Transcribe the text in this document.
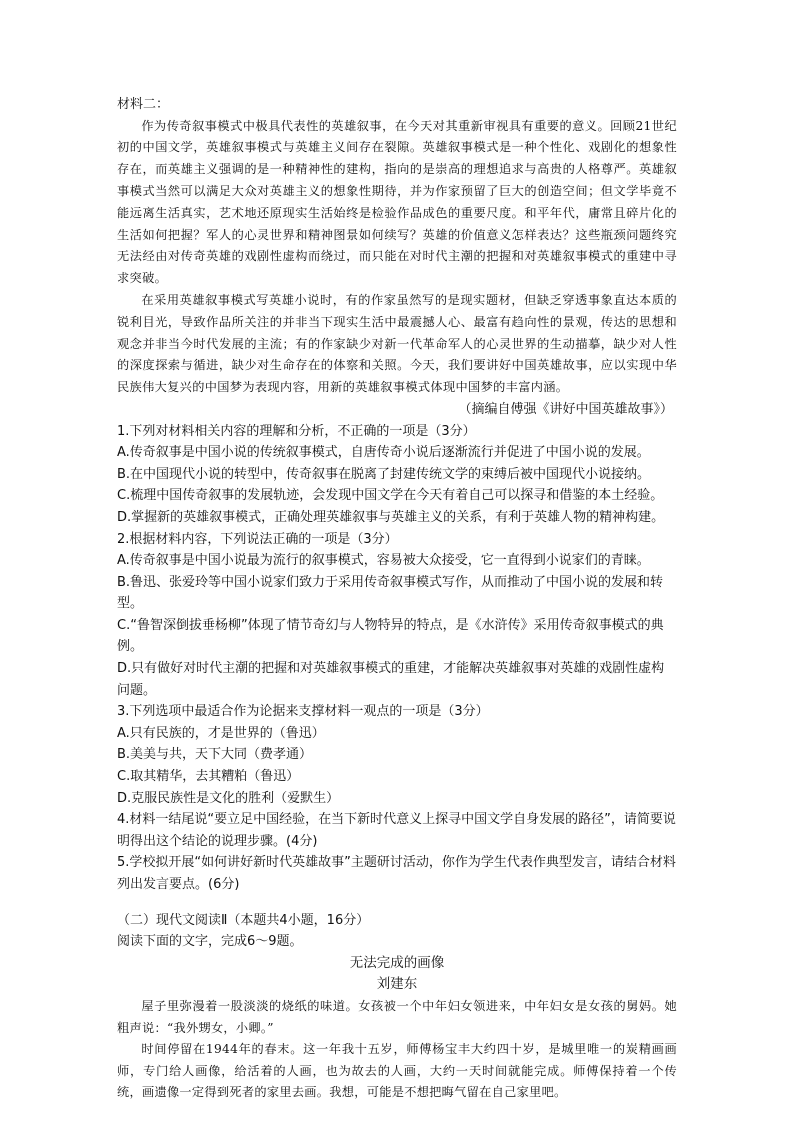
材料二：

作为传奇叙事模式中极具代表性的英雄叙事，在今天对其重新审视具有重要的意义。回顾21世纪初的中国文学，英雄叙事模式与英雄主义间存在裂隙。英雄叙事模式是一种个性化、戏剧化的想象性存在，而英雄主义强调的是一种精神性的建构，指向的是崇高的理想追求与高贵的人格尊严。英雄叙事模式当然可以满足大众对英雄主义的想象性期待，并为作家预留了巨大的创造空间；但文学毕竟不能远离生活真实，艺术地还原现实生活始终是检验作品成色的重要尺度。和平年代，庸常且碎片化的生活如何把握？军人的心灵世界和精神图景如何续写？英雄的价值意义怎样表达？这些瓶颈问题终究无法经由对传奇英雄的戏剧性虚构而绕过，而只能在对时代主潮的把握和对英雄叙事模式的重建中寻求突破。

在采用英雄叙事模式写英雄小说时，有的作家虽然写的是现实题材，但缺乏穿透事象直达本质的锐利目光，导致作品所关注的并非当下现实生活中最震撼人心、最富有趋向性的景观，传达的思想和观念并非当今时代发展的主流；有的作家缺少对新一代革命军人的心灵世界的生动描摹，缺少对人性的深度探索与循进，缺少对生命存在的体察和关照。今天，我们要讲好中国英雄故事，应以实现中华民族伟大复兴的中国梦为表现内容，用新的英雄叙事模式体现中国梦的丰富内涵。

（摘编自傅强《讲好中国英雄故事》）

1.下列对材料相关内容的理解和分析，不正确的一项是（3分）

A.传奇叙事是中国小说的传统叙事模式，自唐传奇小说后逐渐流行并促进了中国小说的发展。

B.在中国现代小说的转型中，传奇叙事在脱离了封建传统文学的束缚后被中国现代小说接纳。

C.梳理中国传奇叙事的发展轨迹，会发现中国文学在今天有着自己可以探寻和借鉴的本土经验。

D.掌握新的英雄叙事模式，正确处理英雄叙事与英雄主义的关系，有利于英雄人物的精神构建。

2.根据材料内容，下列说法正确的一项是（3分）

A.传奇叙事是中国小说最为流行的叙事模式，容易被大众接受，它一直得到小说家们的青睐。

B.鲁迅、张爱玲等中国小说家们致力于采用传奇叙事模式写作，从而推动了中国小说的发展和转型。

C.“鲁智深倒拔垂杨柳”体现了情节奇幻与人物特异的特点，是《水浒传》采用传奇叙事模式的典例。

D.只有做好对时代主潮的把握和对英雄叙事模式的重建，才能解决英雄叙事对英雄的戏剧性虚构问题。

3.下列选项中最适合作为论据来支撑材料一观点的一项是（3分）

A.只有民族的，才是世界的（鲁迅）

B.美美与共，天下大同（费孝通）

C.取其精华，去其糟粕（鲁迅）

D.克服民族性是文化的胜利（爱默生）

4.材料一结尾说“要立足中国经验，在当下新时代意义上探寻中国文学自身发展的路径”，请简要说明得出这个结论的说理步骤。(4分)

5.学校拟开展“如何讲好新时代英雄故事”主题研讨活动，你作为学生代表作典型发言，请结合材料列出发言要点。(6分)

（二）现代文阅读Ⅱ（本题共4小题，16分）

阅读下面的文字，完成6～9题。

无法完成的画像

刘建东

屋子里弥漫着一股淡淡的烧纸的味道。女孩被一个中年妇女领进来，中年妇女是女孩的舅妈。她粗声说：“我外甥女，小卿。”

时间停留在1944年的春末。这一年我十五岁，师傅杨宝丰大约四十岁，是城里唯一的炭精画画师，专门给人画像，给活着的人画，也为故去的人画，大约一天时间就能完成。师傅保持着一个传统，画遗像一定得到死者的家里去画。我想，可能是不想把晦气留在自己家里吧。
